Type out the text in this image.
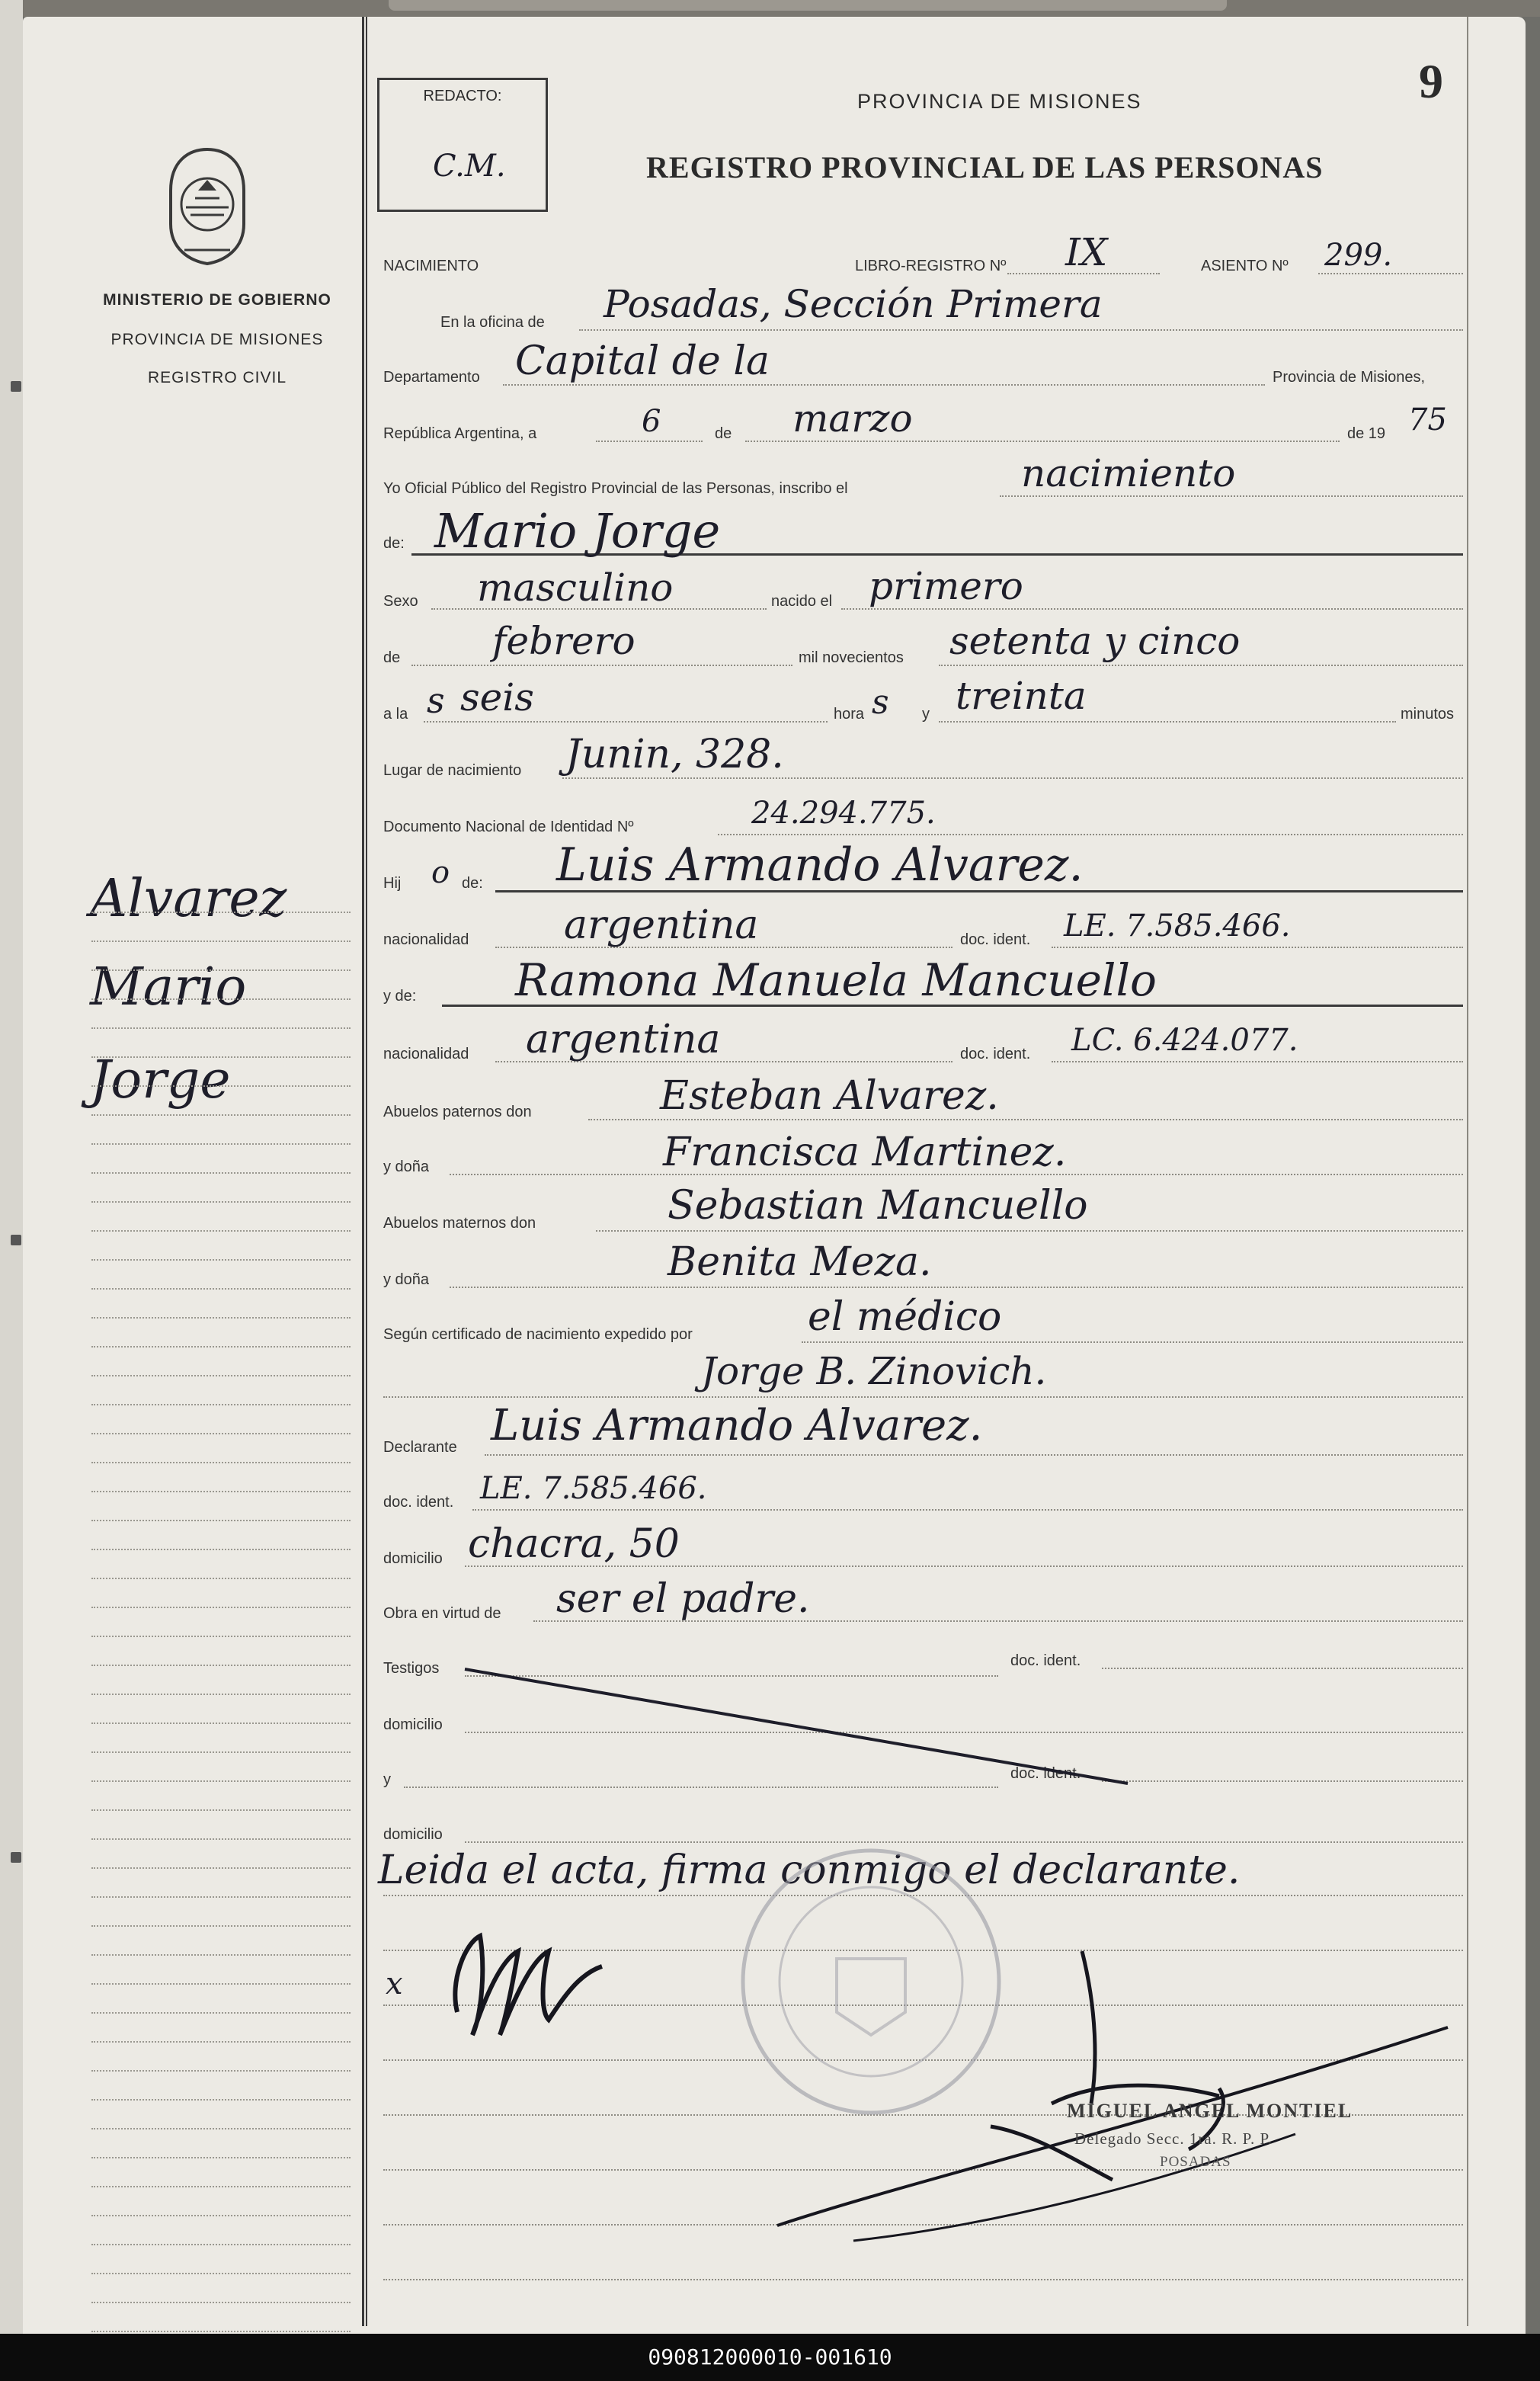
MINISTERIO DE GOBIERNO
PROVINCIA DE MISIONES
REGISTRO CIVIL
Alvarez
Mario
Jorge
REDACTO:
C.M.
PROVINCIA DE MISIONES
REGISTRO PROVINCIAL DE LAS PERSONAS
9
NACIMIENTO	LIBRO-REGISTRO Nº IX	ASIENTO Nº 299.
En la oficina de Posadas, Sección Primera
Departamento Capital de la	Provincia de Misiones,
República Argentina, a	6	de marzo	de 19 75
Yo Oficial Público del Registro Provincial de las Personas, inscribo el	nacimiento
de: Mario Jorge
Sexo masculino	nacido el primero
de febrero	mil novecientos setenta y cinco
a la s seis	hora s y treinta	minutos
Lugar de nacimiento Junin, 328.
Documento Nacional de Identidad Nº	24.294.775.
Hij o de: Luis Armando Alvarez.
nacionalidad argentina	doc. ident. LE. 7.585.466.
y de: Ramona Manuela Mancuello
nacionalidad argentina	doc. ident. LC. 6.424.077.
Abuelos paternos don	Esteban Alvarez.
y doña	Francisca Martinez.
Abuelos maternos don	Sebastian Mancuello
y doña	Benita Meza.
Según certificado de nacimiento expedido por	el médico
Jorge B. Zinovich.
Declarante Luis Armando Alvarez.
doc. ident. LE. 7.585.466.
domicilio chacra, 50
Obra en virtud de ser el padre.
Testigos	doc. ident.
domicilio
y	doc. ident.
domicilio
Leida el acta, firma conmigo el declarante.
x
MIGUEL ANGEL MONTIEL
Delegado Secc. 1ra. R. P. P.
POSADAS
090812000010-001610
